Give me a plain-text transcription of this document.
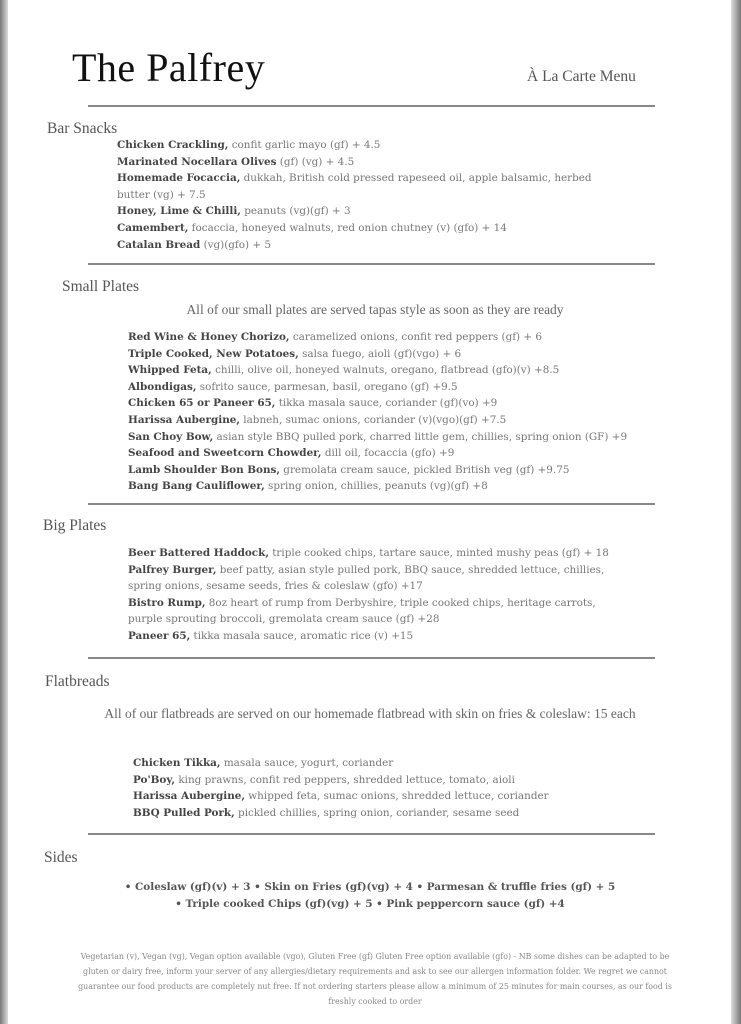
The Palfrey	À La Carte Menu
Bar Snacks
Chicken Crackling, confit garlic mayo (gf) + 4.5
Marinated Nocellara Olives (gf) (vg) + 4.5
Homemade Focaccia, dukkah, British cold pressed rapeseed oil, apple balsamic, herbed butter (vg) + 7.5
Honey, Lime & Chilli, peanuts (vg)(gf) + 3
Camembert, focaccia, honeyed walnuts, red onion chutney (v) (gfo) + 14
Catalan Bread (vg)(gfo) + 5
Small Plates
All of our small plates are served tapas style as soon as they are ready
Red Wine & Honey Chorizo, caramelized onions, confit red peppers (gf) + 6
Triple Cooked, New Potatoes, salsa fuego, aioli (gf)(vgo) + 6
Whipped Feta, chilli, olive oil, honeyed walnuts, oregano, flatbread (gfo)(v) +8.5
Albondigas, sofrito sauce, parmesan, basil, oregano (gf) +9.5
Chicken 65 or Paneer 65, tikka masala sauce, coriander (gf)(vo) +9
Harissa Aubergine, labneh, sumac onions, coriander (v)(vgo)(gf) +7.5
San Choy Bow, asian style BBQ pulled pork, charred little gem, chillies, spring onion (GF) +9
Seafood and Sweetcorn Chowder, dill oil, focaccia (gfo) +9
Lamb Shoulder Bon Bons, gremolata cream sauce, pickled British veg (gf) +9.75
Bang Bang Cauliflower, spring onion, chillies, peanuts (vg)(gf) +8
Big Plates
Beer Battered Haddock, triple cooked chips, tartare sauce, minted mushy peas (gf) + 18
Palfrey Burger, beef patty, asian style pulled pork, BBQ sauce, shredded lettuce, chillies, spring onions, sesame seeds, fries & coleslaw (gfo) +17
Bistro Rump, 8oz heart of rump from Derbyshire, triple cooked chips, heritage carrots, purple sprouting broccoli, gremolata cream sauce (gf) +28
Paneer 65, tikka masala sauce, aromatic rice (v) +15
Flatbreads
All of our flatbreads are served on our homemade flatbread with skin on fries & coleslaw: 15 each
Chicken Tikka, masala sauce, yogurt, coriander
Po'Boy, king prawns, confit red peppers, shredded lettuce, tomato, aioli
Harissa Aubergine, whipped feta, sumac onions, shredded lettuce, coriander
BBQ Pulled Pork, pickled chillies, spring onion, coriander, sesame seed
Sides
• Coleslaw (gf)(v) + 3 • Skin on Fries (gf)(vg) + 4 • Parmesan & truffle fries (gf) + 5
• Triple cooked Chips (gf)(vg) + 5 • Pink peppercorn sauce (gf) +4
Vegetarian (v), Vegan (vg), Vegan option available (vgo), Gluten Free (gf) Gluten Free option available (gfo) - NB some dishes can be adapted to be gluten or dairy free, inform your server of any allergies/dietary requirements and ask to see our allergen information folder. We regret we cannot guarantee our food products are completely nut free. If not ordering starters please allow a minimum of 25 minutes for main courses, as our food is freshly cooked to order
